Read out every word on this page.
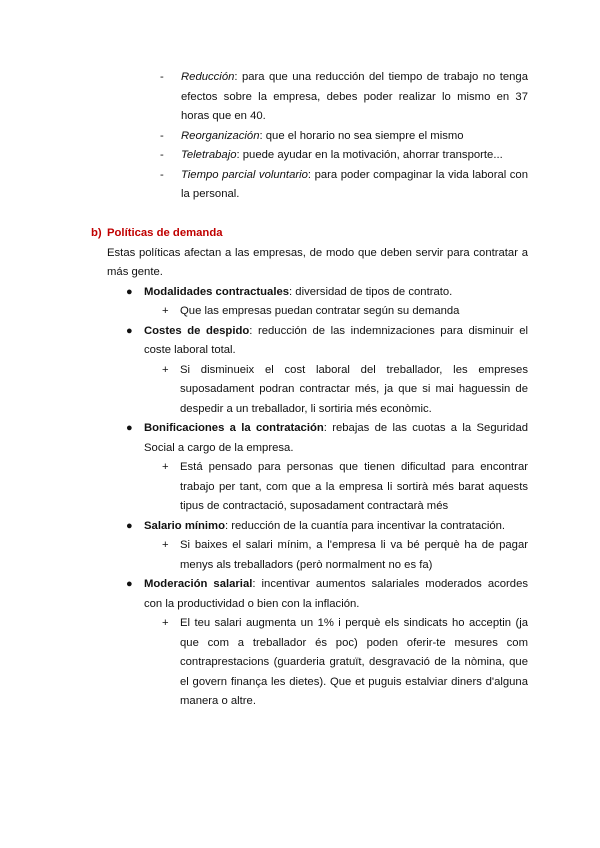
- Reducción: para que una reducción del tiempo de trabajo no tenga efectos sobre la empresa, debes poder realizar lo mismo en 37 horas que en 40.
- Reorganización: que el horario no sea siempre el mismo
- Teletrabajo: puede ayudar en la motivación, ahorrar transporte...
- Tiempo parcial voluntario: para poder compaginar la vida laboral con la personal.
b) Políticas de demanda
Estas políticas afectan a las empresas, de modo que deben servir para contratar a más gente.
● Modalidades contractuales: diversidad de tipos de contrato.
+ Que las empresas puedan contratar según su demanda
● Costes de despido: reducción de las indemnizaciones para disminuir el coste laboral total.
+ Si disminueix el cost laboral del treballador, les empreses suposadament podran contractar més, ja que si mai haguessin de despedir a un treballador, li sortiria més econòmic.
● Bonificaciones a la contratación: rebajas de las cuotas a la Seguridad Social a cargo de la empresa.
+ Está pensado para personas que tienen dificultad para encontrar trabajo per tant, com que a la empresa li sortirà més barat aquests tipus de contractació, suposadament contractarà més
● Salario mínimo: reducción de la cuantía para incentivar la contratación.
+ Si baixes el salari mínim, a l'empresa li va bé perquè ha de pagar menys als treballadors (però normalment no es fa)
● Moderación salarial: incentivar aumentos salariales moderados acordes con la productividad o bien con la inflación.
+ El teu salari augmenta un 1% i perquè els sindicats ho acceptin (ja que com a treballador és poc) poden oferir-te mesures com contraprestacions (guarderia gratuït, desgravació de la nòmina, que el govern finança les dietes). Que et puguis estalviar diners d'alguna manera o altre.
